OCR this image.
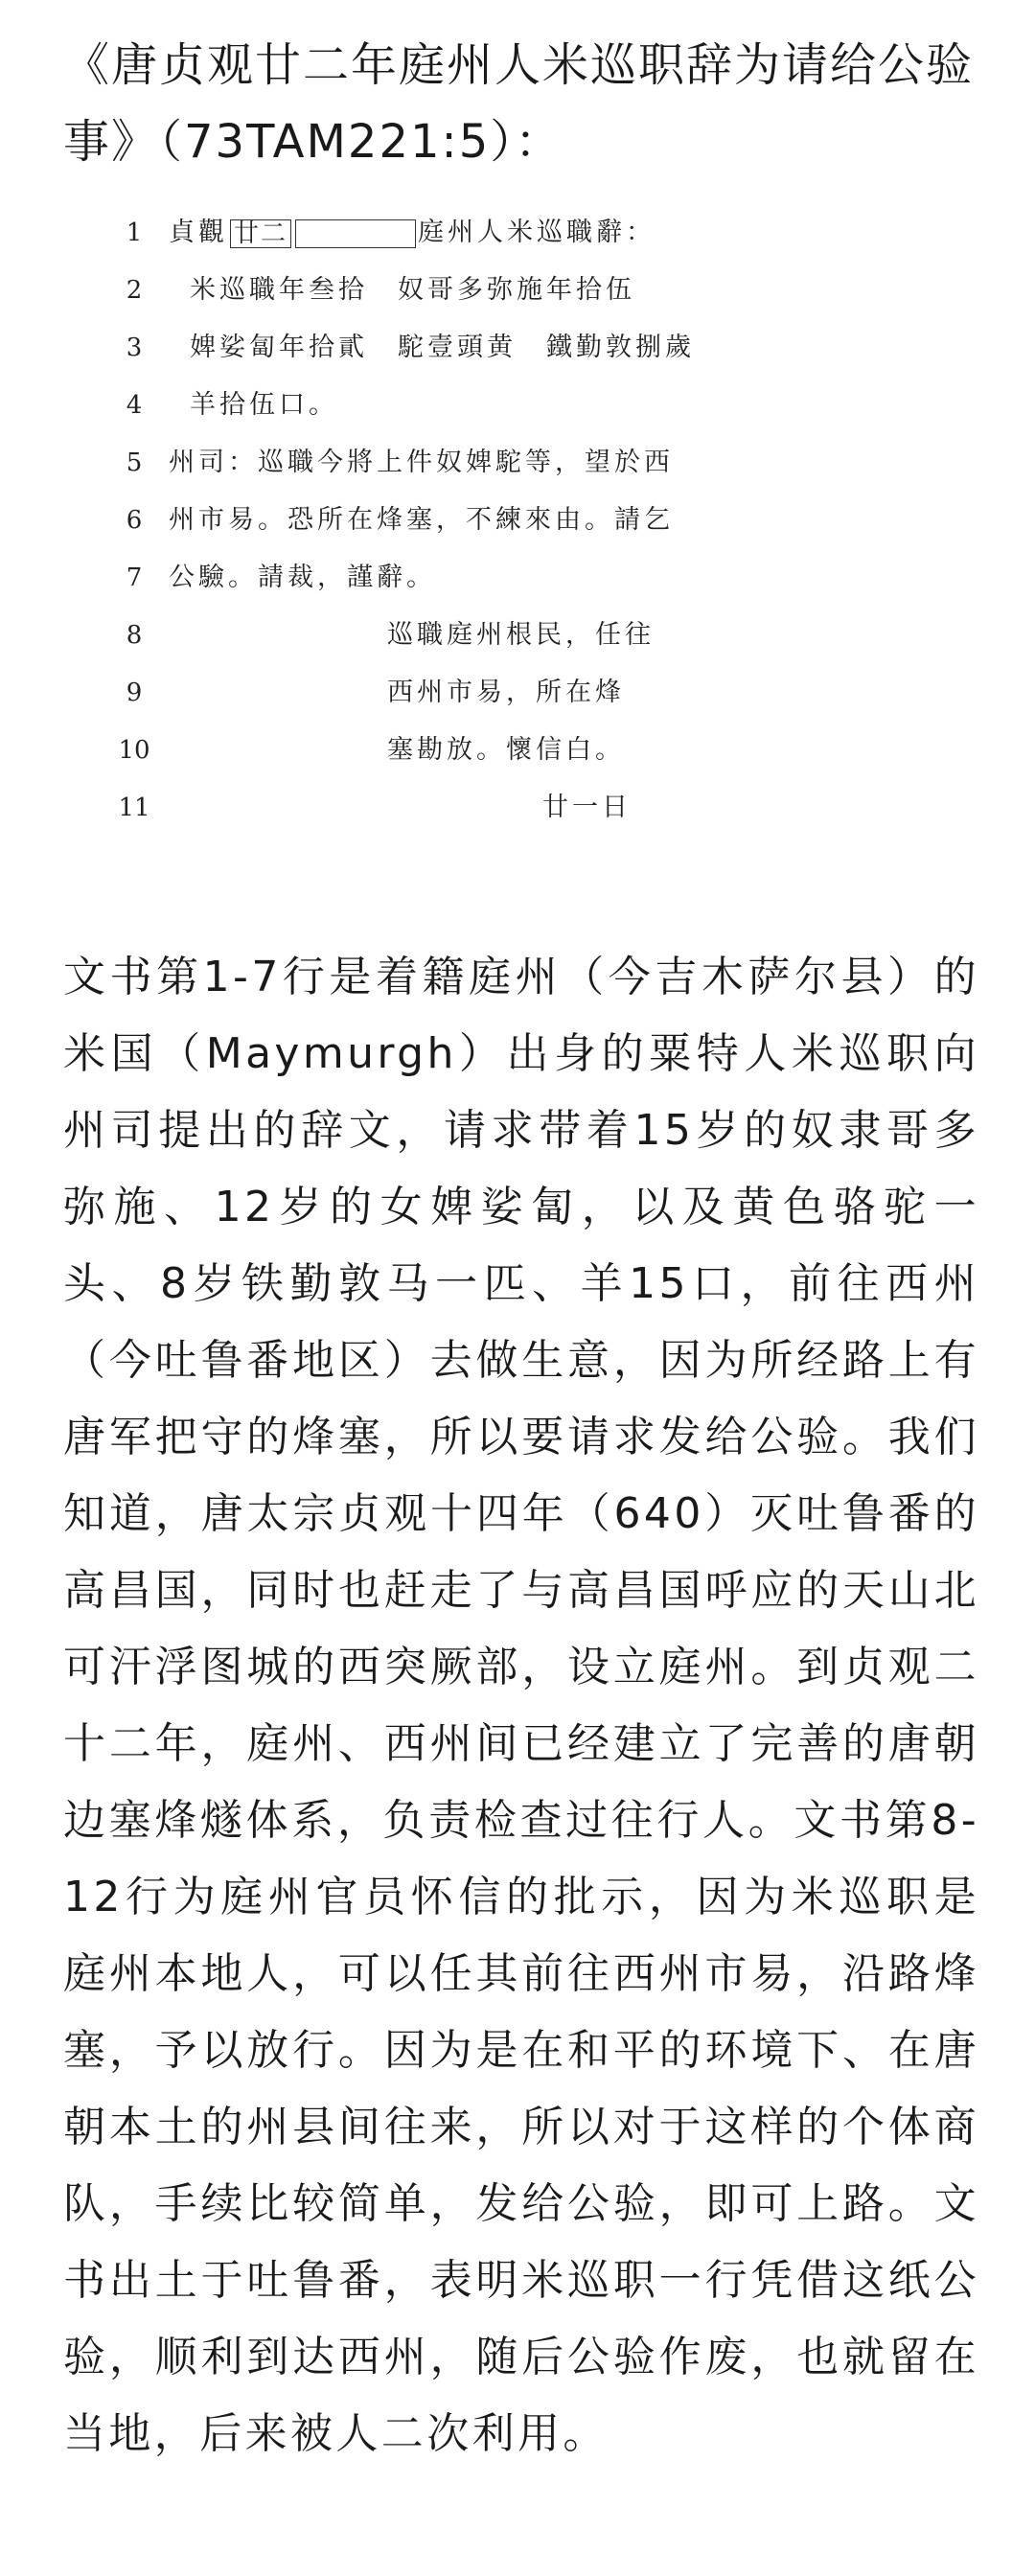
《唐贞观廿二年庭州人米巡职辞为请给公验事》（73TAM221:5）：
1	貞觀 廿二	庭州人米巡職辭：
2	米巡職年叁拾　奴哥多弥施年拾伍
3	婢娑匐年拾貳　駝壹頭黄　鐵勤敦捌歲
4	羊拾伍口。
5	州司：巡職今將上件奴婢駝等，望於西
6	州市易。恐所在烽塞，不練來由。請乞
7	公驗。請裁，謹辭。
8	巡職庭州根民，任往
9	西州市易，所在烽
10	塞勘放。懷信白。
11	廿一日

文书第1-7行是着籍庭州（今吉木萨尔县）的米国（Maymurgh）出身的粟特人米巡职向州司提出的辞文，请求带着15岁的奴隶哥多弥施、12岁的女婢娑匐，以及黄色骆驼一头、8岁铁勤敦马一匹、羊15口，前往西州（今吐鲁番地区）去做生意，因为所经路上有唐军把守的烽塞，所以要请求发给公验。我们知道，唐太宗贞观十四年（640）灭吐鲁番的高昌国，同时也赶走了与高昌国呼应的天山北可汗浮图城的西突厥部，设立庭州。到贞观二十二年，庭州、西州间已经建立了完善的唐朝边塞烽燧体系，负责检查过往行人。文书第8-12行为庭州官员怀信的批示，因为米巡职是庭州本地人，可以任其前往西州市易，沿路烽塞，予以放行。因为是在和平的环境下、在唐朝本土的州县间往来，所以对于这样的个体商队，手续比较简单，发给公验，即可上路。文书出土于吐鲁番，表明米巡职一行凭借这纸公验，顺利到达西州，随后公验作废，也就留在当地，后来被人二次利用。
